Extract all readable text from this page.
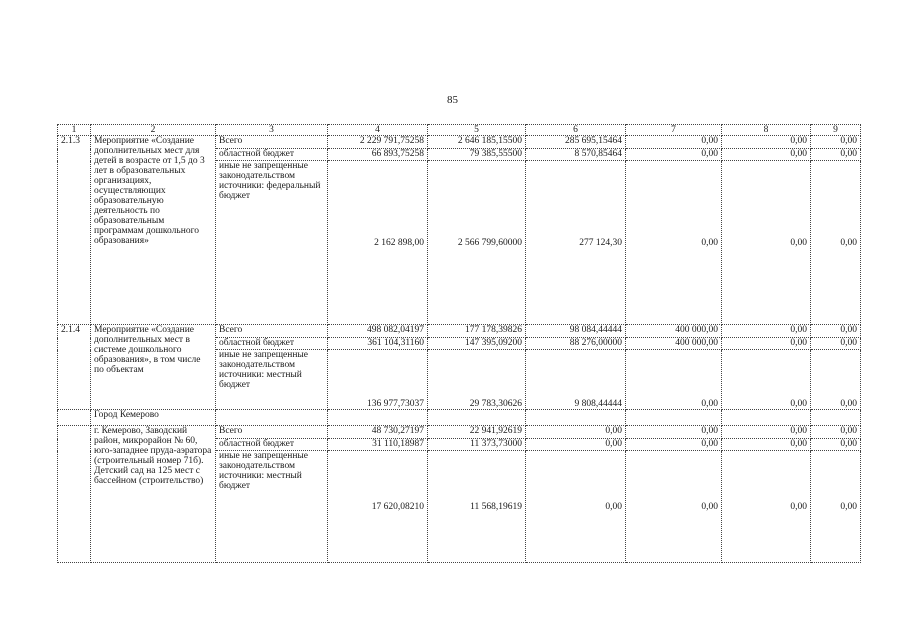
85
1	2	3	4	5	6	7	8	9
2.1.3	Мероприятие «Создание дополнительных мест для детей в возрасте от 1,5 до 3 лет в образовательных организациях, осуществляющих образовательную деятельность по образовательным программам дошкольного образования»	Всего	2 229 791,75258	2 646 185,15500	285 695,15464	0,00	0,00	0,00
		областной бюджет	66 893,75258	79 385,55500	8 570,85464	0,00	0,00	0,00
		иные не запрещенные законодательством источники: федеральный бюджет	2 162 898,00	2 566 799,60000	277 124,30	0,00	0,00	0,00
2.1.4	Мероприятие «Создание дополнительных мест в системе дошкольного образования», в том числе по объектам	Всего	498 082,04197	177 178,39826	98 084,44444	400 000,00	0,00	0,00
		областной бюджет	361 104,31160	147 395,09200	88 276,00000	400 000,00	0,00	0,00
		иные не запрещенные законодательством источники: местный бюджет	136 977,73037	29 783,30626	9 808,44444	0,00	0,00	0,00
	Город Кемерово							
	г. Кемерово, Заводский район, микрорайон № 60, юго-западнее пруда-аэратора (строительный номер 71б). Детский сад на 125 мест с бассейном (строительство)	Всего	48 730,27197	22 941,92619	0,00	0,00	0,00	0,00
		областной бюджет	31 110,18987	11 373,73000	0,00	0,00	0,00	0,00
		иные не запрещенные законодательством источники: местный бюджет	17 620,08210	11 568,19619	0,00	0,00	0,00	0,00
